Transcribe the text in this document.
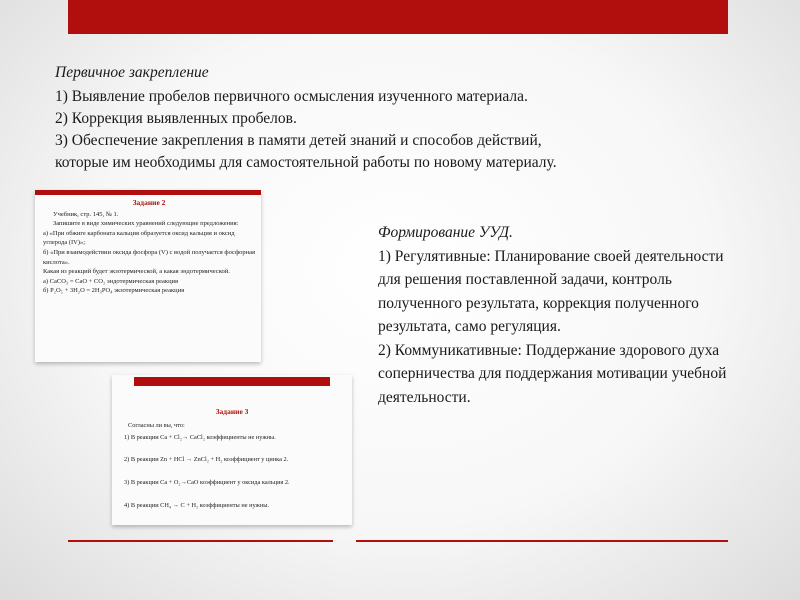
Первичное закрепление
1) Выявление пробелов первичного осмысления изученного материала.
2) Коррекция выявленных пробелов.
3) Обеспечение закрепления в памяти детей знаний и способов действий,
которые им необходимы для самостоятельной работы по новому материалу.
Задание 2
Учебник, стр. 145, № 1.
Запишите в виде химических уравнений следующие предложения:
а) «При обжиге карбоната кальция образуется оксид кальция и оксид углерода (IV)»;
б) «При взаимодействии оксида фосфора (V) с водой получается фосфорная кислота».
Какая из реакций будет экзотермической, а какая эндотермической.
а) CaCO₃ = CaO + CO₂ эндотермическая реакция
б) P₂O₅ + 3H₂O = 2H₃PO₄ экзотермическая реакция
Задание 3
Согласны ли вы, что:
1) В реакции Ca + Cl₂→ CaCl₂ коэффициенты не нужны.
2) В реакции Zn + HCl → ZnCl₂ + H₂ коэффициент у цинка 2.
3) В реакции Ca + O₂→CaO коэффициент у оксида кальция 2.
4) В реакции CH₄ → C + H₂ коэффициенты не нужны.
Формирование УУД.
1) Регулятивные: Планирование своей деятельности для решения поставленной задачи, контроль полученного результата, коррекция полученного результата, само регуляция.
2) Коммуникативные: Поддержание здорового духа соперничества для поддержания мотивации учебной деятельности.
